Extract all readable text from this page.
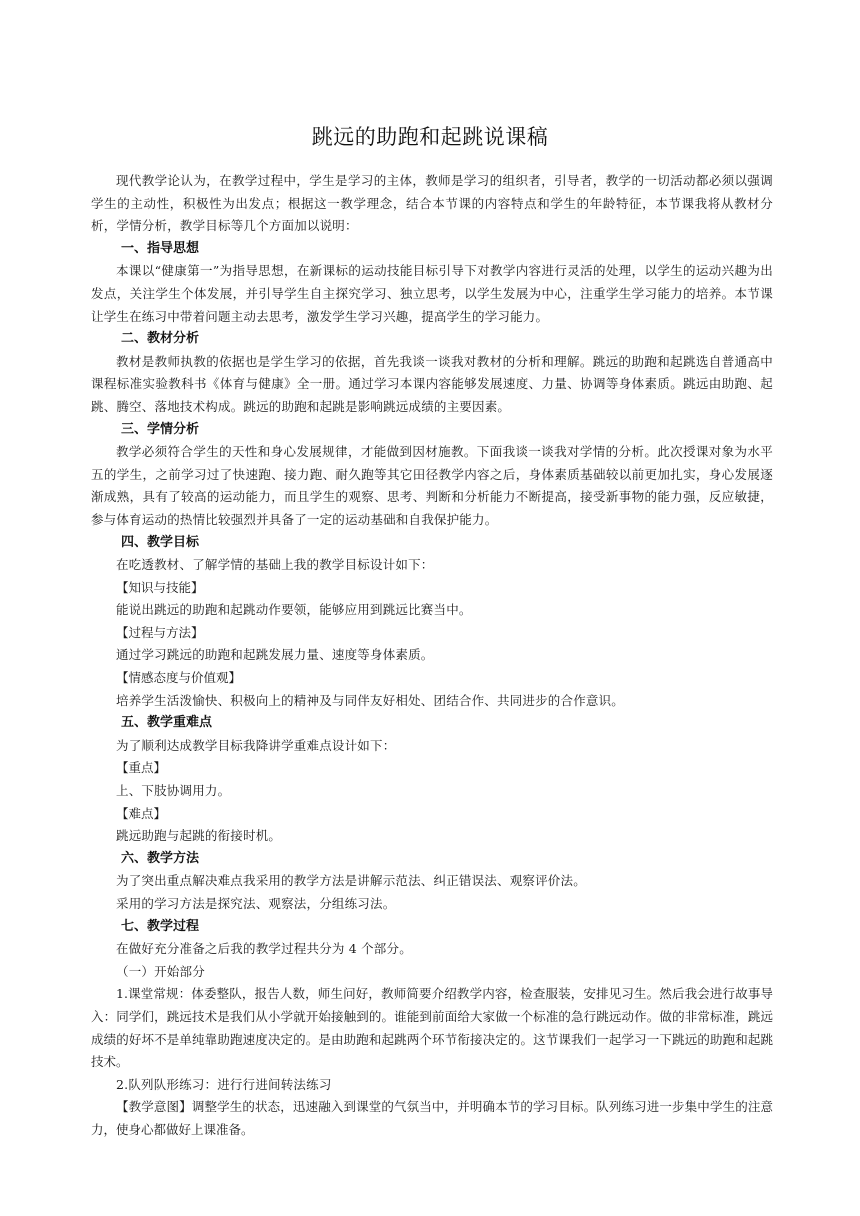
跳远的助跑和起跳说课稿

现代教学论认为，在教学过程中，学生是学习的主体，教师是学习的组织者，引导者，教学的一切活动都必须以强调学生的主动性，积极性为出发点；根据这一教学理念，结合本节课的内容特点和学生的年龄特征，本节课我将从教材分析，学情分析，教学目标等几个方面加以说明：

一、指导思想

本课以“健康第一”为指导思想，在新课标的运动技能目标引导下对教学内容进行灵活的处理，以学生的运动兴趣为出发点，关注学生个体发展，并引导学生自主探究学习、独立思考，以学生发展为中心，注重学生学习能力的培养。本节课让学生在练习中带着问题主动去思考，激发学生学习兴趣，提高学生的学习能力。

二、教材分析

教材是教师执教的依据也是学生学习的依据，首先我谈一谈我对教材的分析和理解。跳远的助跑和起跳选自普通高中课程标准实验教科书《体育与健康》全一册。通过学习本课内容能够发展速度、力量、协调等身体素质。跳远由助跑、起跳、腾空、落地技术构成。跳远的助跑和起跳是影响跳远成绩的主要因素。

三、学情分析

教学必须符合学生的天性和身心发展规律，才能做到因材施教。下面我谈一谈我对学情的分析。此次授课对象为水平五的学生，之前学习过了快速跑、接力跑、耐久跑等其它田径教学内容之后，身体素质基础较以前更加扎实，身心发展逐渐成熟，具有了较高的运动能力，而且学生的观察、思考、判断和分析能力不断提高，接受新事物的能力强，反应敏捷，参与体育运动的热情比较强烈并具备了一定的运动基础和自我保护能力。

四、教学目标

在吃透教材、了解学情的基础上我的教学目标设计如下：

【知识与技能】

能说出跳远的助跑和起跳动作要领，能够应用到跳远比赛当中。

【过程与方法】

通过学习跳远的助跑和起跳发展力量、速度等身体素质。

【情感态度与价值观】

培养学生活泼愉快、积极向上的精神及与同伴友好相处、团结合作、共同进步的合作意识。

五、教学重难点

为了顺利达成教学目标我降讲学重难点设计如下：

【重点】

上、下肢协调用力。

【难点】

跳远助跑与起跳的衔接时机。

六、教学方法

为了突出重点解决难点我采用的教学方法是讲解示范法、纠正错误法、观察评价法。

采用的学习方法是探究法、观察法，分组练习法。

七、教学过程

在做好充分准备之后我的教学过程共分为 4 个部分。

（一）开始部分

1.课堂常规：体委整队，报告人数，师生问好，教师简要介绍教学内容，检查服装，安排见习生。然后我会进行故事导入：同学们，跳远技术是我们从小学就开始接触到的。谁能到前面给大家做一个标准的急行跳远动作。做的非常标准，跳远成绩的好坏不是单纯靠助跑速度决定的。是由助跑和起跳两个环节衔接决定的。这节课我们一起学习一下跳远的助跑和起跳技术。

2.队列队形练习：进行行进间转法练习

【教学意图】调整学生的状态，迅速融入到课堂的气氛当中，并明确本节的学习目标。队列练习进一步集中学生的注意力，使身心都做好上课准备。
